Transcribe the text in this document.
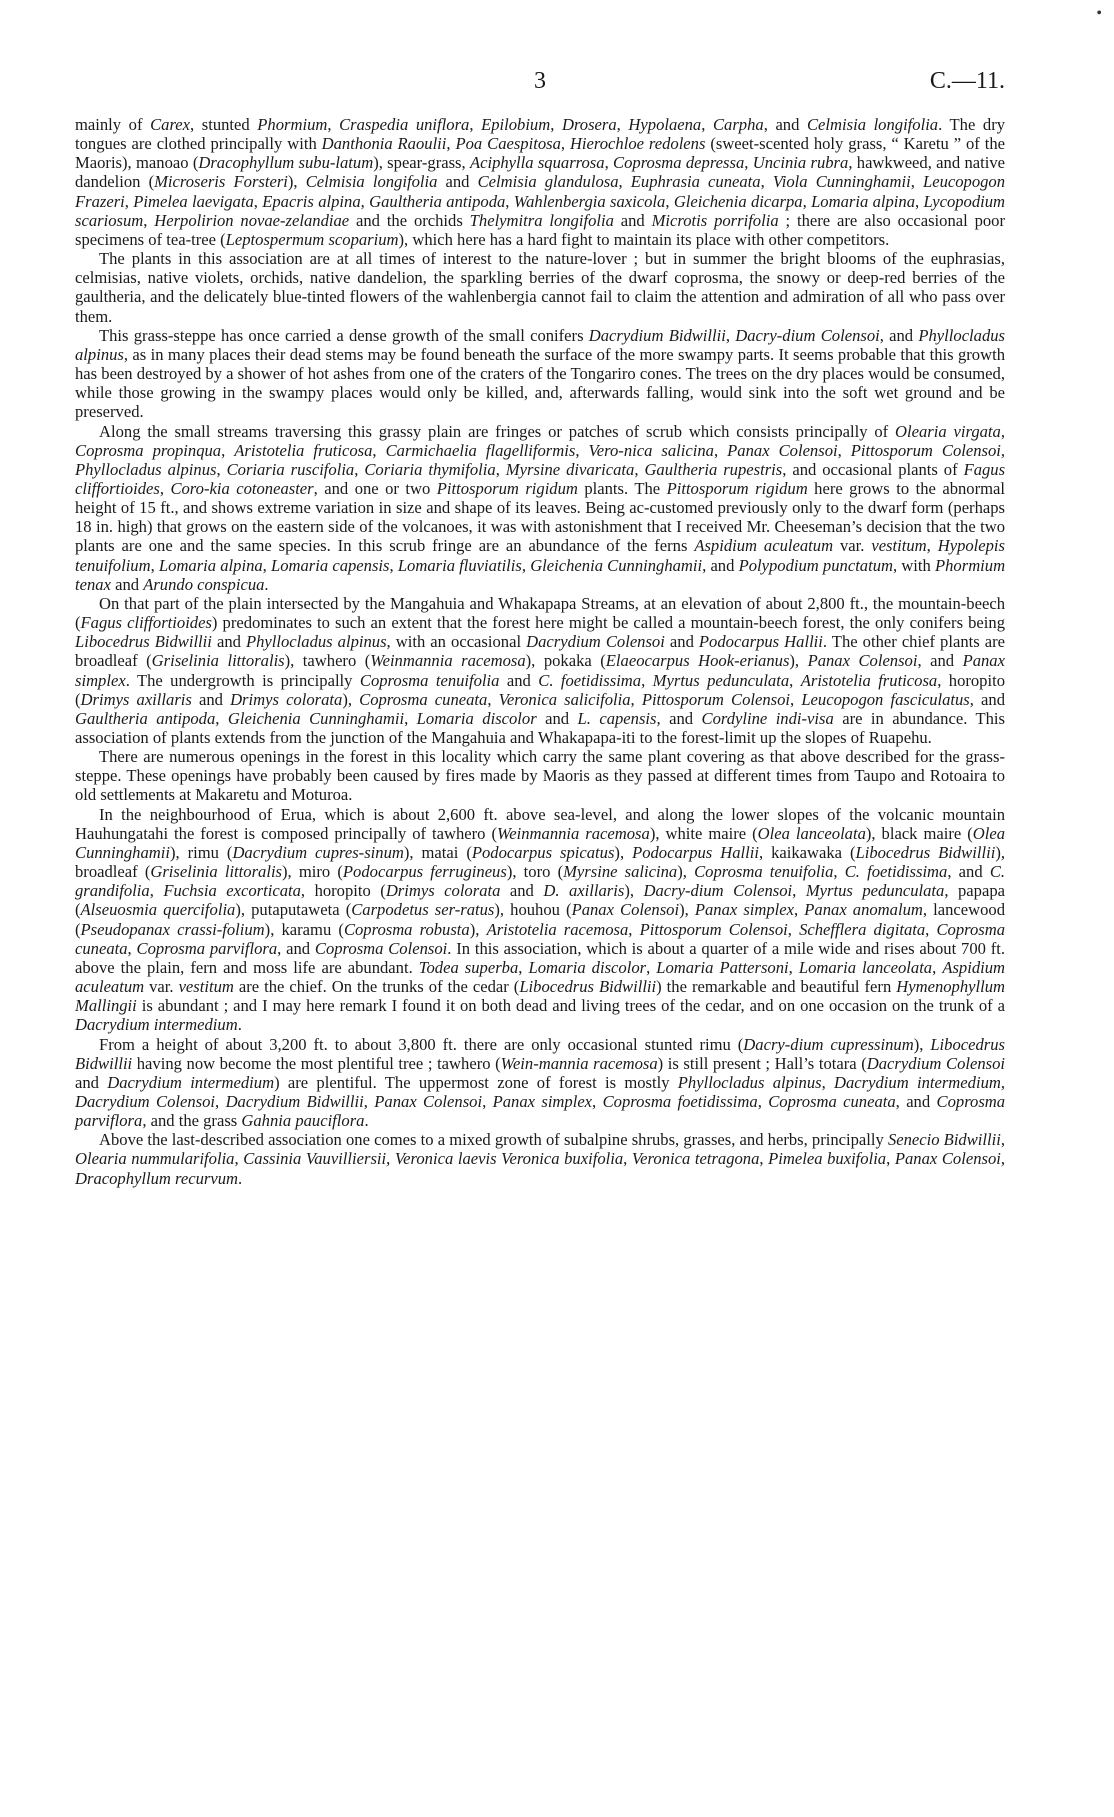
•
3	C.—11.

mainly of Carex, stunted Phormium, Craspedia uniflora, Epilobium, Drosera, Hypolaena, Carpha, and Celmisia longifolia. The dry tongues are clothed principally with Danthonia Raoulii, Poa Caespitosa, Hierochloe redolens (sweet-scented holy grass, “ Karetu ” of the Maoris), manoao (Dracophyllum subu-latum), spear-grass, Aciphylla squarrosa, Coprosma depressa, Uncinia rubra, hawkweed, and native dandelion (Microseris Forsteri), Celmisia longifolia and Celmisia glandulosa, Euphrasia cuneata, Viola Cunninghamii, Leucopogon Frazeri, Pimelea laevigata, Epacris alpina, Gaultheria antipoda, Wahlenbergia saxicola, Gleichenia dicarpa, Lomaria alpina, Lycopodium scariosum, Herpolirion novae-zelandiae and the orchids Thelymitra longifolia and Microtis porrifolia ; there are also occasional poor specimens of tea-tree (Leptospermum scoparium), which here has a hard fight to maintain its place with other competitors.

The plants in this association are at all times of interest to the nature-lover ; but in summer the bright blooms of the euphrasias, celmisias, native violets, orchids, native dandelion, the sparkling berries of the dwarf coprosma, the snowy or deep-red berries of the gaultheria, and the delicately blue-tinted flowers of the wahlenbergia cannot fail to claim the attention and admiration of all who pass over them.

This grass-steppe has once carried a dense growth of the small conifers Dacrydium Bidwillii, Dacry-dium Colensoi, and Phyllocladus alpinus, as in many places their dead stems may be found beneath the surface of the more swampy parts. It seems probable that this growth has been destroyed by a shower of hot ashes from one of the craters of the Tongariro cones. The trees on the dry places would be consumed, while those growing in the swampy places would only be killed, and, afterwards falling, would sink into the soft wet ground and be preserved.

Along the small streams traversing this grassy plain are fringes or patches of scrub which consists principally of Olearia virgata, Coprosma propinqua, Aristotelia fruticosa, Carmichaelia flagelliformis, Vero-nica salicina, Panax Colensoi, Pittosporum Colensoi, Phyllocladus alpinus, Coriaria ruscifolia, Coriaria thymifolia, Myrsine divaricata, Gaultheria rupestris, and occasional plants of Fagus cliffortioides, Coro-kia cotoneaster, and one or two Pittosporum rigidum plants. The Pittosporum rigidum here grows to the abnormal height of 15 ft., and shows extreme variation in size and shape of its leaves. Being ac-customed previously only to the dwarf form (perhaps 18 in. high) that grows on the eastern side of the volcanoes, it was with astonishment that I received Mr. Cheeseman’s decision that the two plants are one and the same species. In this scrub fringe are an abundance of the ferns Aspidium aculeatum var. vestitum, Hypolepis tenuifolium, Lomaria alpina, Lomaria capensis, Lomaria fluviatilis, Gleichenia Cunninghamii, and Polypodium punctatum, with Phormium tenax and Arundo conspicua.

On that part of the plain intersected by the Mangahuia and Whakapapa Streams, at an elevation of about 2,800 ft., the mountain-beech (Fagus cliffortioides) predominates to such an extent that the forest here might be called a mountain-beech forest, the only conifers being Libocedrus Bidwillii and Phyllocladus alpinus, with an occasional Dacrydium Colensoi and Podocarpus Hallii. The other chief plants are broadleaf (Griselinia littoralis), tawhero (Weinmannia racemosa), pokaka (Elaeocarpus Hook-erianus), Panax Colensoi, and Panax simplex. The undergrowth is principally Coprosma tenuifolia and C. foetidissima, Myrtus pedunculata, Aristotelia fruticosa, horopito (Drimys axillaris and Drimys colorata), Coprosma cuneata, Veronica salicifolia, Pittosporum Colensoi, Leucopogon fasciculatus, and Gaultheria antipoda, Gleichenia Cunninghamii, Lomaria discolor and L. capensis, and Cordyline indi-visa are in abundance. This association of plants extends from the junction of the Mangahuia and Whakapapa-iti to the forest-limit up the slopes of Ruapehu.

There are numerous openings in the forest in this locality which carry the same plant covering as that above described for the grass-steppe. These openings have probably been caused by fires made by Maoris as they passed at different times from Taupo and Rotoaira to old settlements at Makaretu and Moturoa.

In the neighbourhood of Erua, which is about 2,600 ft. above sea-level, and along the lower slopes of the volcanic mountain Hauhungatahi the forest is composed principally of tawhero (Weinmannia racemosa), white maire (Olea lanceolata), black maire (Olea Cunninghamii), rimu (Dacrydium cupres-sinum), matai (Podocarpus spicatus), Podocarpus Hallii, kaikawaka (Libocedrus Bidwillii), broadleaf (Griselinia littoralis), miro (Podocarpus ferrugineus), toro (Myrsine salicina), Coprosma tenuifolia, C. foetidissima, and C. grandifolia, Fuchsia excorticata, horopito (Drimys colorata and D. axillaris), Dacry-dium Colensoi, Myrtus pedunculata, papapa (Alseuosmia quercifolia), putaputaweta (Carpodetus ser-ratus), houhou (Panax Colensoi), Panax simplex, Panax anomalum, lancewood (Pseudopanax crassi-folium), karamu (Coprosma robusta), Aristotelia racemosa, Pittosporum Colensoi, Schefflera digitata, Coprosma cuneata, Coprosma parviflora, and Coprosma Colensoi. In this association, which is about a quarter of a mile wide and rises about 700 ft. above the plain, fern and moss life are abundant. Todea superba, Lomaria discolor, Lomaria Pattersoni, Lomaria lanceolata, Aspidium aculeatum var. vestitum are the chief. On the trunks of the cedar (Libocedrus Bidwillii) the remarkable and beautiful fern Hymenophyllum Mallingii is abundant ; and I may here remark I found it on both dead and living trees of the cedar, and on one occasion on the trunk of a Dacrydium intermedium.

From a height of about 3,200 ft. to about 3,800 ft. there are only occasional stunted rimu (Dacry-dium cupressinum), Libocedrus Bidwillii having now become the most plentiful tree ; tawhero (Wein-mannia racemosa) is still present ; Hall’s totara (Dacrydium Colensoi and Dacrydium intermedium) are plentiful. The uppermost zone of forest is mostly Phyllocladus alpinus, Dacrydium intermedium, Dacrydium Colensoi, Dacrydium Bidwillii, Panax Colensoi, Panax simplex, Coprosma foetidissima, Coprosma cuneata, and Coprosma parviflora, and the grass Gahnia pauciflora.

Above the last-described association one comes to a mixed growth of subalpine shrubs, grasses, and herbs, principally Senecio Bidwillii, Olearia nummularifolia, Cassinia Vauvilliersii, Veronica laevis Veronica buxifolia, Veronica tetragona, Pimelea buxifolia, Panax Colensoi, Dracophyllum recurvum.
